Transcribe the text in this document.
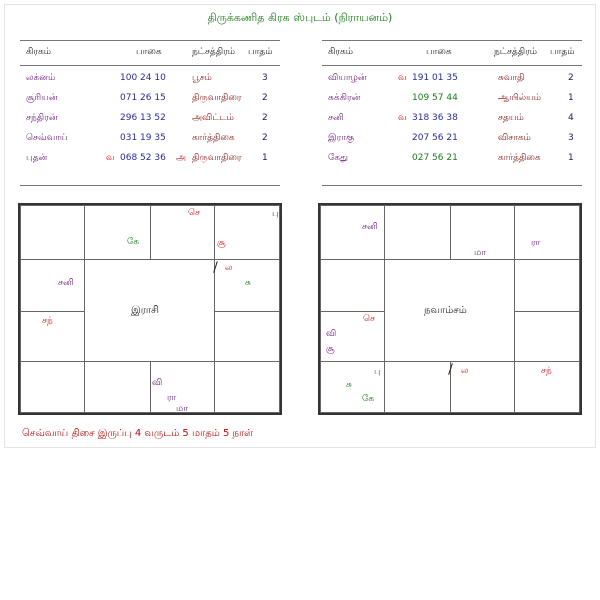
திருக்கணித கிரக ஸ்புடம் (நிராயனம்)
கிரகம்	பாகை	நட்சத்திரம் பாதம்
லக்னம்	100 24 10	பூசம்	3
சூரியன்	071 26 15	திருவாதிரை 2
சந்திரன்	296 13 52	அவிட்டம்	2
செவ்வாய்	031 19 35	கார்த்திகை	2
புதன்	வ 068 52 36 அ திருவாதிரை 1
கிரகம்	பாகை	நட்சத்திரம் பாதம்
வியாழன்	வ 191 01 35	சுவாதி	2
சுக்கிரன்	109 57 44	ஆயில்யம்	1
சனி	வ 318 36 38	சதயம்	4
இராகு	207 56 21	விசாகம்	3
கேது	027 56 21	கார்த்திகை	1
இராசி
கே
செ	பு
சூ
ல
சு
சனி
சந்
வி
ரா
மா
நவாம்சம்
சனி
மா
ரா
செ
வி
சூ
பு	ல	சந்
சு
கே
செவ்வாய் திசை இருப்பு 4 வருடம் 5 மாதம் 5 நாள்
